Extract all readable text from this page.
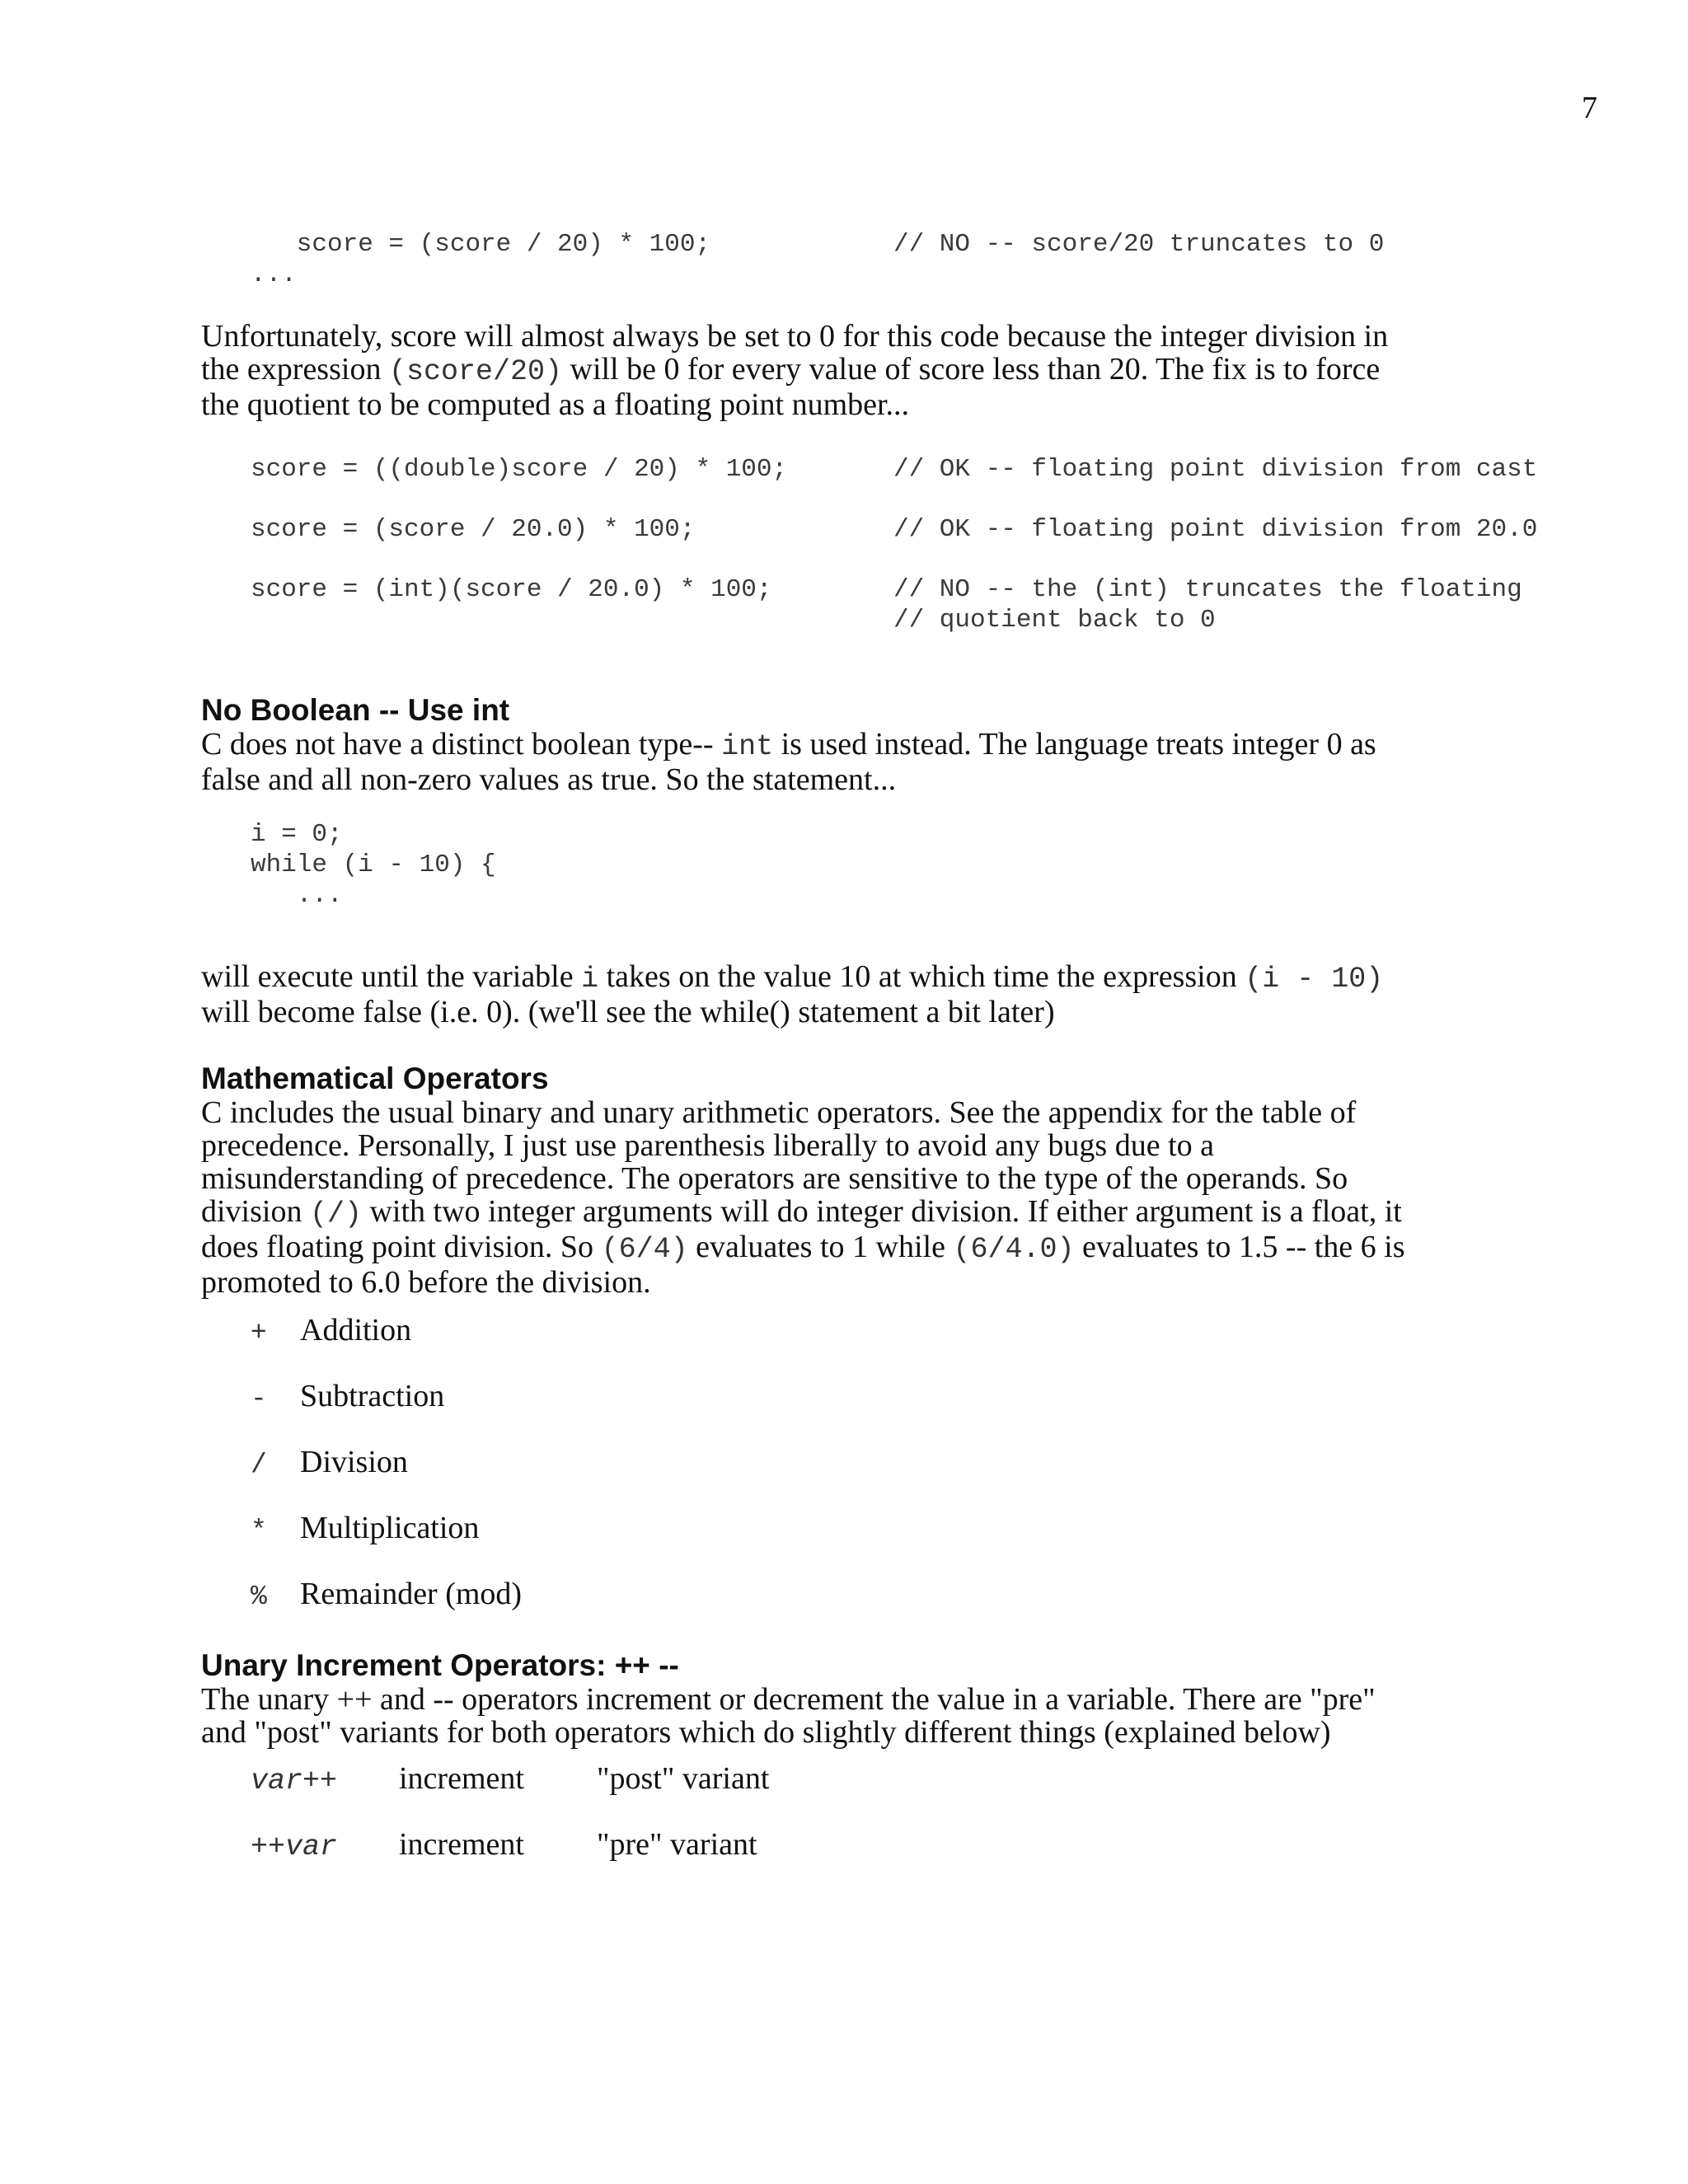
7
score = (score / 20) * 100;	// NO -- score/20 truncates to 0
...

Unfortunately, score will almost always be set to 0 for this code because the integer division in the expression (score/20) will be 0 for every value of score less than 20. The fix is to force the quotient to be computed as a floating point number...

score = ((double)score / 20) * 100;	// OK -- floating point division from cast
score = (score / 20.0) * 100;	// OK -- floating point division from 20.0
score = (int)(score / 20.0) * 100;	// NO -- the (int) truncates the floating
// quotient back to 0
No Boolean -- Use int

C does not have a distinct boolean type-- int is used instead. The language treats integer 0 as false and all non-zero values as true. So the statement...

i = 0;
while (i - 10) {
...

will execute until the variable i takes on the value 10 at which time the expression (i - 10) will become false (i.e. 0). (we'll see the while() statement a bit later)

Mathematical Operators

C includes the usual binary and unary arithmetic operators. See the appendix for the table of precedence. Personally, I just use parenthesis liberally to avoid any bugs due to a misunderstanding of precedence. The operators are sensitive to the type of the operands. So division (/) with two integer arguments will do integer division. If either argument is a float, it does floating point division. So (6/4) evaluates to 1 while (6/4.0) evaluates to 1.5 -- the 6 is promoted to 6.0 before the division.

+	Addition
-	Subtraction
/	Division
*	Multiplication
%	Remainder (mod)
Unary Increment Operators: ++ --

The unary ++ and -- operators increment or decrement the value in a variable. There are "pre" and "post" variants for both operators which do slightly different things (explained below)

var++	increment	"post" variant
++var	increment	"pre" variant
